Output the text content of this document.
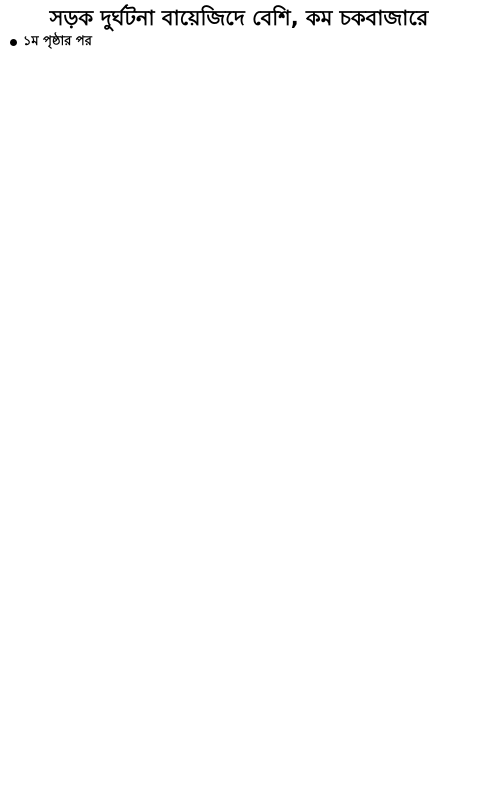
সড়ক দুর্ঘটনা বায়েজিদে বেশি, কম চকবাজারে
১ম পৃষ্ঠার পর
